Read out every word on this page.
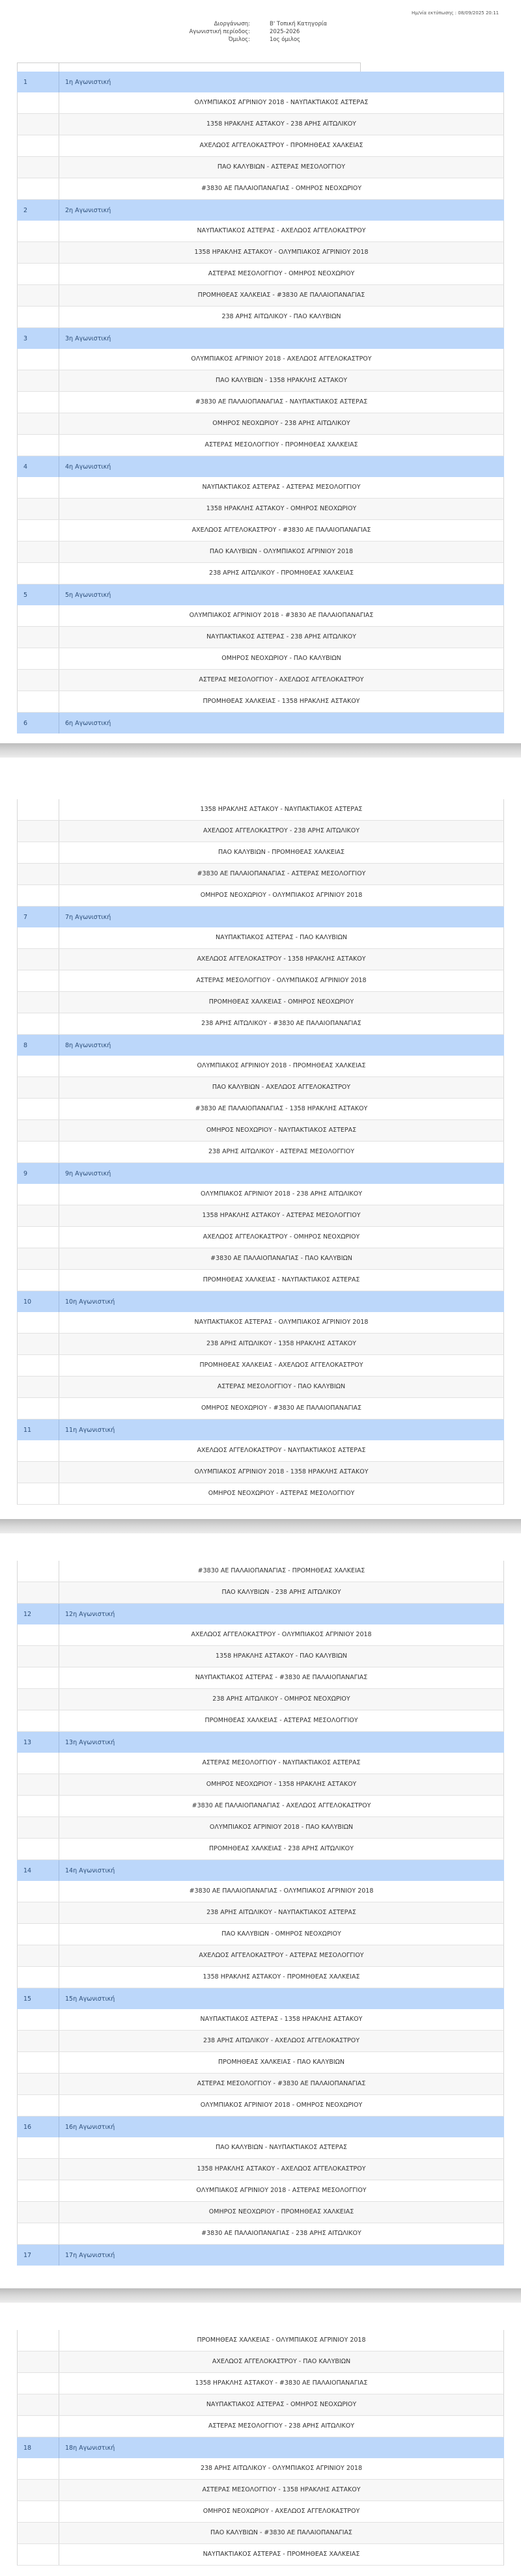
Ημ/νία εκτύπωσης : 08/09/2025 20:11
Διοργάνωση:	Β' Τοπική Κατηγορία
Αγωνιστική περίοδος:	2025-2026
Όμιλος:	1ος όμιλος
1	1η Αγωνιστική
ΟΛΥΜΠΙΑΚΟΣ ΑΓΡΙΝΙΟΥ 2018 - ΝΑΥΠΑΚΤΙΑΚΟΣ ΑΣΤΕΡΑΣ
1358 ΗΡΑΚΛΗΣ ΑΣΤΑΚΟΥ - 238 ΑΡΗΣ ΑΙΤΩΛΙΚΟΥ
ΑΧΕΛΩΟΣ ΑΓΓΕΛΟΚΑΣΤΡΟΥ - ΠΡΟΜΗΘΕΑΣ ΧΑΛΚΕΙΑΣ
ΠΑΟ ΚΑΛΥΒΙΩΝ - ΑΣΤΕΡΑΣ ΜΕΣΟΛΟΓΓΙΟΥ
#3830 ΑΕ ΠΑΛΑΙΟΠΑΝΑΓΙΑΣ - ΟΜΗΡΟΣ ΝΕΟΧΩΡΙΟΥ
2	2η Αγωνιστική
ΝΑΥΠΑΚΤΙΑΚΟΣ ΑΣΤΕΡΑΣ - ΑΧΕΛΩΟΣ ΑΓΓΕΛΟΚΑΣΤΡΟΥ
1358 ΗΡΑΚΛΗΣ ΑΣΤΑΚΟΥ - ΟΛΥΜΠΙΑΚΟΣ ΑΓΡΙΝΙΟΥ 2018
ΑΣΤΕΡΑΣ ΜΕΣΟΛΟΓΓΙΟΥ - ΟΜΗΡΟΣ ΝΕΟΧΩΡΙΟΥ
ΠΡΟΜΗΘΕΑΣ ΧΑΛΚΕΙΑΣ - #3830 ΑΕ ΠΑΛΑΙΟΠΑΝΑΓΙΑΣ
238 ΑΡΗΣ ΑΙΤΩΛΙΚΟΥ - ΠΑΟ ΚΑΛΥΒΙΩΝ
3	3η Αγωνιστική
ΟΛΥΜΠΙΑΚΟΣ ΑΓΡΙΝΙΟΥ 2018 - ΑΧΕΛΩΟΣ ΑΓΓΕΛΟΚΑΣΤΡΟΥ
ΠΑΟ ΚΑΛΥΒΙΩΝ - 1358 ΗΡΑΚΛΗΣ ΑΣΤΑΚΟΥ
#3830 ΑΕ ΠΑΛΑΙΟΠΑΝΑΓΙΑΣ - ΝΑΥΠΑΚΤΙΑΚΟΣ ΑΣΤΕΡΑΣ
ΟΜΗΡΟΣ ΝΕΟΧΩΡΙΟΥ - 238 ΑΡΗΣ ΑΙΤΩΛΙΚΟΥ
ΑΣΤΕΡΑΣ ΜΕΣΟΛΟΓΓΙΟΥ - ΠΡΟΜΗΘΕΑΣ ΧΑΛΚΕΙΑΣ
4	4η Αγωνιστική
ΝΑΥΠΑΚΤΙΑΚΟΣ ΑΣΤΕΡΑΣ - ΑΣΤΕΡΑΣ ΜΕΣΟΛΟΓΓΙΟΥ
1358 ΗΡΑΚΛΗΣ ΑΣΤΑΚΟΥ - ΟΜΗΡΟΣ ΝΕΟΧΩΡΙΟΥ
ΑΧΕΛΩΟΣ ΑΓΓΕΛΟΚΑΣΤΡΟΥ - #3830 ΑΕ ΠΑΛΑΙΟΠΑΝΑΓΙΑΣ
ΠΑΟ ΚΑΛΥΒΙΩΝ - ΟΛΥΜΠΙΑΚΟΣ ΑΓΡΙΝΙΟΥ 2018
238 ΑΡΗΣ ΑΙΤΩΛΙΚΟΥ - ΠΡΟΜΗΘΕΑΣ ΧΑΛΚΕΙΑΣ
5	5η Αγωνιστική
ΟΛΥΜΠΙΑΚΟΣ ΑΓΡΙΝΙΟΥ 2018 - #3830 ΑΕ ΠΑΛΑΙΟΠΑΝΑΓΙΑΣ
ΝΑΥΠΑΚΤΙΑΚΟΣ ΑΣΤΕΡΑΣ - 238 ΑΡΗΣ ΑΙΤΩΛΙΚΟΥ
ΟΜΗΡΟΣ ΝΕΟΧΩΡΙΟΥ - ΠΑΟ ΚΑΛΥΒΙΩΝ
ΑΣΤΕΡΑΣ ΜΕΣΟΛΟΓΓΙΟΥ - ΑΧΕΛΩΟΣ ΑΓΓΕΛΟΚΑΣΤΡΟΥ
ΠΡΟΜΗΘΕΑΣ ΧΑΛΚΕΙΑΣ - 1358 ΗΡΑΚΛΗΣ ΑΣΤΑΚΟΥ
6	6η Αγωνιστική
1358 ΗΡΑΚΛΗΣ ΑΣΤΑΚΟΥ - ΝΑΥΠΑΚΤΙΑΚΟΣ ΑΣΤΕΡΑΣ
ΑΧΕΛΩΟΣ ΑΓΓΕΛΟΚΑΣΤΡΟΥ - 238 ΑΡΗΣ ΑΙΤΩΛΙΚΟΥ
ΠΑΟ ΚΑΛΥΒΙΩΝ - ΠΡΟΜΗΘΕΑΣ ΧΑΛΚΕΙΑΣ
#3830 ΑΕ ΠΑΛΑΙΟΠΑΝΑΓΙΑΣ - ΑΣΤΕΡΑΣ ΜΕΣΟΛΟΓΓΙΟΥ
ΟΜΗΡΟΣ ΝΕΟΧΩΡΙΟΥ - ΟΛΥΜΠΙΑΚΟΣ ΑΓΡΙΝΙΟΥ 2018
7	7η Αγωνιστική
ΝΑΥΠΑΚΤΙΑΚΟΣ ΑΣΤΕΡΑΣ - ΠΑΟ ΚΑΛΥΒΙΩΝ
ΑΧΕΛΩΟΣ ΑΓΓΕΛΟΚΑΣΤΡΟΥ - 1358 ΗΡΑΚΛΗΣ ΑΣΤΑΚΟΥ
ΑΣΤΕΡΑΣ ΜΕΣΟΛΟΓΓΙΟΥ - ΟΛΥΜΠΙΑΚΟΣ ΑΓΡΙΝΙΟΥ 2018
ΠΡΟΜΗΘΕΑΣ ΧΑΛΚΕΙΑΣ - ΟΜΗΡΟΣ ΝΕΟΧΩΡΙΟΥ
238 ΑΡΗΣ ΑΙΤΩΛΙΚΟΥ - #3830 ΑΕ ΠΑΛΑΙΟΠΑΝΑΓΙΑΣ
8	8η Αγωνιστική
ΟΛΥΜΠΙΑΚΟΣ ΑΓΡΙΝΙΟΥ 2018 - ΠΡΟΜΗΘΕΑΣ ΧΑΛΚΕΙΑΣ
ΠΑΟ ΚΑΛΥΒΙΩΝ - ΑΧΕΛΩΟΣ ΑΓΓΕΛΟΚΑΣΤΡΟΥ
#3830 ΑΕ ΠΑΛΑΙΟΠΑΝΑΓΙΑΣ - 1358 ΗΡΑΚΛΗΣ ΑΣΤΑΚΟΥ
ΟΜΗΡΟΣ ΝΕΟΧΩΡΙΟΥ - ΝΑΥΠΑΚΤΙΑΚΟΣ ΑΣΤΕΡΑΣ
238 ΑΡΗΣ ΑΙΤΩΛΙΚΟΥ - ΑΣΤΕΡΑΣ ΜΕΣΟΛΟΓΓΙΟΥ
9	9η Αγωνιστική
ΟΛΥΜΠΙΑΚΟΣ ΑΓΡΙΝΙΟΥ 2018 - 238 ΑΡΗΣ ΑΙΤΩΛΙΚΟΥ
1358 ΗΡΑΚΛΗΣ ΑΣΤΑΚΟΥ - ΑΣΤΕΡΑΣ ΜΕΣΟΛΟΓΓΙΟΥ
ΑΧΕΛΩΟΣ ΑΓΓΕΛΟΚΑΣΤΡΟΥ - ΟΜΗΡΟΣ ΝΕΟΧΩΡΙΟΥ
#3830 ΑΕ ΠΑΛΑΙΟΠΑΝΑΓΙΑΣ - ΠΑΟ ΚΑΛΥΒΙΩΝ
ΠΡΟΜΗΘΕΑΣ ΧΑΛΚΕΙΑΣ - ΝΑΥΠΑΚΤΙΑΚΟΣ ΑΣΤΕΡΑΣ
10	10η Αγωνιστική
ΝΑΥΠΑΚΤΙΑΚΟΣ ΑΣΤΕΡΑΣ - ΟΛΥΜΠΙΑΚΟΣ ΑΓΡΙΝΙΟΥ 2018
238 ΑΡΗΣ ΑΙΤΩΛΙΚΟΥ - 1358 ΗΡΑΚΛΗΣ ΑΣΤΑΚΟΥ
ΠΡΟΜΗΘΕΑΣ ΧΑΛΚΕΙΑΣ - ΑΧΕΛΩΟΣ ΑΓΓΕΛΟΚΑΣΤΡΟΥ
ΑΣΤΕΡΑΣ ΜΕΣΟΛΟΓΓΙΟΥ - ΠΑΟ ΚΑΛΥΒΙΩΝ
ΟΜΗΡΟΣ ΝΕΟΧΩΡΙΟΥ - #3830 ΑΕ ΠΑΛΑΙΟΠΑΝΑΓΙΑΣ
11	11η Αγωνιστική
ΑΧΕΛΩΟΣ ΑΓΓΕΛΟΚΑΣΤΡΟΥ - ΝΑΥΠΑΚΤΙΑΚΟΣ ΑΣΤΕΡΑΣ
ΟΛΥΜΠΙΑΚΟΣ ΑΓΡΙΝΙΟΥ 2018 - 1358 ΗΡΑΚΛΗΣ ΑΣΤΑΚΟΥ
ΟΜΗΡΟΣ ΝΕΟΧΩΡΙΟΥ - ΑΣΤΕΡΑΣ ΜΕΣΟΛΟΓΓΙΟΥ
#3830 ΑΕ ΠΑΛΑΙΟΠΑΝΑΓΙΑΣ - ΠΡΟΜΗΘΕΑΣ ΧΑΛΚΕΙΑΣ
ΠΑΟ ΚΑΛΥΒΙΩΝ - 238 ΑΡΗΣ ΑΙΤΩΛΙΚΟΥ
12	12η Αγωνιστική
ΑΧΕΛΩΟΣ ΑΓΓΕΛΟΚΑΣΤΡΟΥ - ΟΛΥΜΠΙΑΚΟΣ ΑΓΡΙΝΙΟΥ 2018
1358 ΗΡΑΚΛΗΣ ΑΣΤΑΚΟΥ - ΠΑΟ ΚΑΛΥΒΙΩΝ
ΝΑΥΠΑΚΤΙΑΚΟΣ ΑΣΤΕΡΑΣ - #3830 ΑΕ ΠΑΛΑΙΟΠΑΝΑΓΙΑΣ
238 ΑΡΗΣ ΑΙΤΩΛΙΚΟΥ - ΟΜΗΡΟΣ ΝΕΟΧΩΡΙΟΥ
ΠΡΟΜΗΘΕΑΣ ΧΑΛΚΕΙΑΣ - ΑΣΤΕΡΑΣ ΜΕΣΟΛΟΓΓΙΟΥ
13	13η Αγωνιστική
ΑΣΤΕΡΑΣ ΜΕΣΟΛΟΓΓΙΟΥ - ΝΑΥΠΑΚΤΙΑΚΟΣ ΑΣΤΕΡΑΣ
ΟΜΗΡΟΣ ΝΕΟΧΩΡΙΟΥ - 1358 ΗΡΑΚΛΗΣ ΑΣΤΑΚΟΥ
#3830 ΑΕ ΠΑΛΑΙΟΠΑΝΑΓΙΑΣ - ΑΧΕΛΩΟΣ ΑΓΓΕΛΟΚΑΣΤΡΟΥ
ΟΛΥΜΠΙΑΚΟΣ ΑΓΡΙΝΙΟΥ 2018 - ΠΑΟ ΚΑΛΥΒΙΩΝ
ΠΡΟΜΗΘΕΑΣ ΧΑΛΚΕΙΑΣ - 238 ΑΡΗΣ ΑΙΤΩΛΙΚΟΥ
14	14η Αγωνιστική
#3830 ΑΕ ΠΑΛΑΙΟΠΑΝΑΓΙΑΣ - ΟΛΥΜΠΙΑΚΟΣ ΑΓΡΙΝΙΟΥ 2018
238 ΑΡΗΣ ΑΙΤΩΛΙΚΟΥ - ΝΑΥΠΑΚΤΙΑΚΟΣ ΑΣΤΕΡΑΣ
ΠΑΟ ΚΑΛΥΒΙΩΝ - ΟΜΗΡΟΣ ΝΕΟΧΩΡΙΟΥ
ΑΧΕΛΩΟΣ ΑΓΓΕΛΟΚΑΣΤΡΟΥ - ΑΣΤΕΡΑΣ ΜΕΣΟΛΟΓΓΙΟΥ
1358 ΗΡΑΚΛΗΣ ΑΣΤΑΚΟΥ - ΠΡΟΜΗΘΕΑΣ ΧΑΛΚΕΙΑΣ
15	15η Αγωνιστική
ΝΑΥΠΑΚΤΙΑΚΟΣ ΑΣΤΕΡΑΣ - 1358 ΗΡΑΚΛΗΣ ΑΣΤΑΚΟΥ
238 ΑΡΗΣ ΑΙΤΩΛΙΚΟΥ - ΑΧΕΛΩΟΣ ΑΓΓΕΛΟΚΑΣΤΡΟΥ
ΠΡΟΜΗΘΕΑΣ ΧΑΛΚΕΙΑΣ - ΠΑΟ ΚΑΛΥΒΙΩΝ
ΑΣΤΕΡΑΣ ΜΕΣΟΛΟΓΓΙΟΥ - #3830 ΑΕ ΠΑΛΑΙΟΠΑΝΑΓΙΑΣ
ΟΛΥΜΠΙΑΚΟΣ ΑΓΡΙΝΙΟΥ 2018 - ΟΜΗΡΟΣ ΝΕΟΧΩΡΙΟΥ
16	16η Αγωνιστική
ΠΑΟ ΚΑΛΥΒΙΩΝ - ΝΑΥΠΑΚΤΙΑΚΟΣ ΑΣΤΕΡΑΣ
1358 ΗΡΑΚΛΗΣ ΑΣΤΑΚΟΥ - ΑΧΕΛΩΟΣ ΑΓΓΕΛΟΚΑΣΤΡΟΥ
ΟΛΥΜΠΙΑΚΟΣ ΑΓΡΙΝΙΟΥ 2018 - ΑΣΤΕΡΑΣ ΜΕΣΟΛΟΓΓΙΟΥ
ΟΜΗΡΟΣ ΝΕΟΧΩΡΙΟΥ - ΠΡΟΜΗΘΕΑΣ ΧΑΛΚΕΙΑΣ
#3830 ΑΕ ΠΑΛΑΙΟΠΑΝΑΓΙΑΣ - 238 ΑΡΗΣ ΑΙΤΩΛΙΚΟΥ
17	17η Αγωνιστική
ΠΡΟΜΗΘΕΑΣ ΧΑΛΚΕΙΑΣ - ΟΛΥΜΠΙΑΚΟΣ ΑΓΡΙΝΙΟΥ 2018
ΑΧΕΛΩΟΣ ΑΓΓΕΛΟΚΑΣΤΡΟΥ - ΠΑΟ ΚΑΛΥΒΙΩΝ
1358 ΗΡΑΚΛΗΣ ΑΣΤΑΚΟΥ - #3830 ΑΕ ΠΑΛΑΙΟΠΑΝΑΓΙΑΣ
ΝΑΥΠΑΚΤΙΑΚΟΣ ΑΣΤΕΡΑΣ - ΟΜΗΡΟΣ ΝΕΟΧΩΡΙΟΥ
ΑΣΤΕΡΑΣ ΜΕΣΟΛΟΓΓΙΟΥ - 238 ΑΡΗΣ ΑΙΤΩΛΙΚΟΥ
18	18η Αγωνιστική
238 ΑΡΗΣ ΑΙΤΩΛΙΚΟΥ - ΟΛΥΜΠΙΑΚΟΣ ΑΓΡΙΝΙΟΥ 2018
ΑΣΤΕΡΑΣ ΜΕΣΟΛΟΓΓΙΟΥ - 1358 ΗΡΑΚΛΗΣ ΑΣΤΑΚΟΥ
ΟΜΗΡΟΣ ΝΕΟΧΩΡΙΟΥ - ΑΧΕΛΩΟΣ ΑΓΓΕΛΟΚΑΣΤΡΟΥ
ΠΑΟ ΚΑΛΥΒΙΩΝ - #3830 ΑΕ ΠΑΛΑΙΟΠΑΝΑΓΙΑΣ
ΝΑΥΠΑΚΤΙΑΚΟΣ ΑΣΤΕΡΑΣ - ΠΡΟΜΗΘΕΑΣ ΧΑΛΚΕΙΑΣ
